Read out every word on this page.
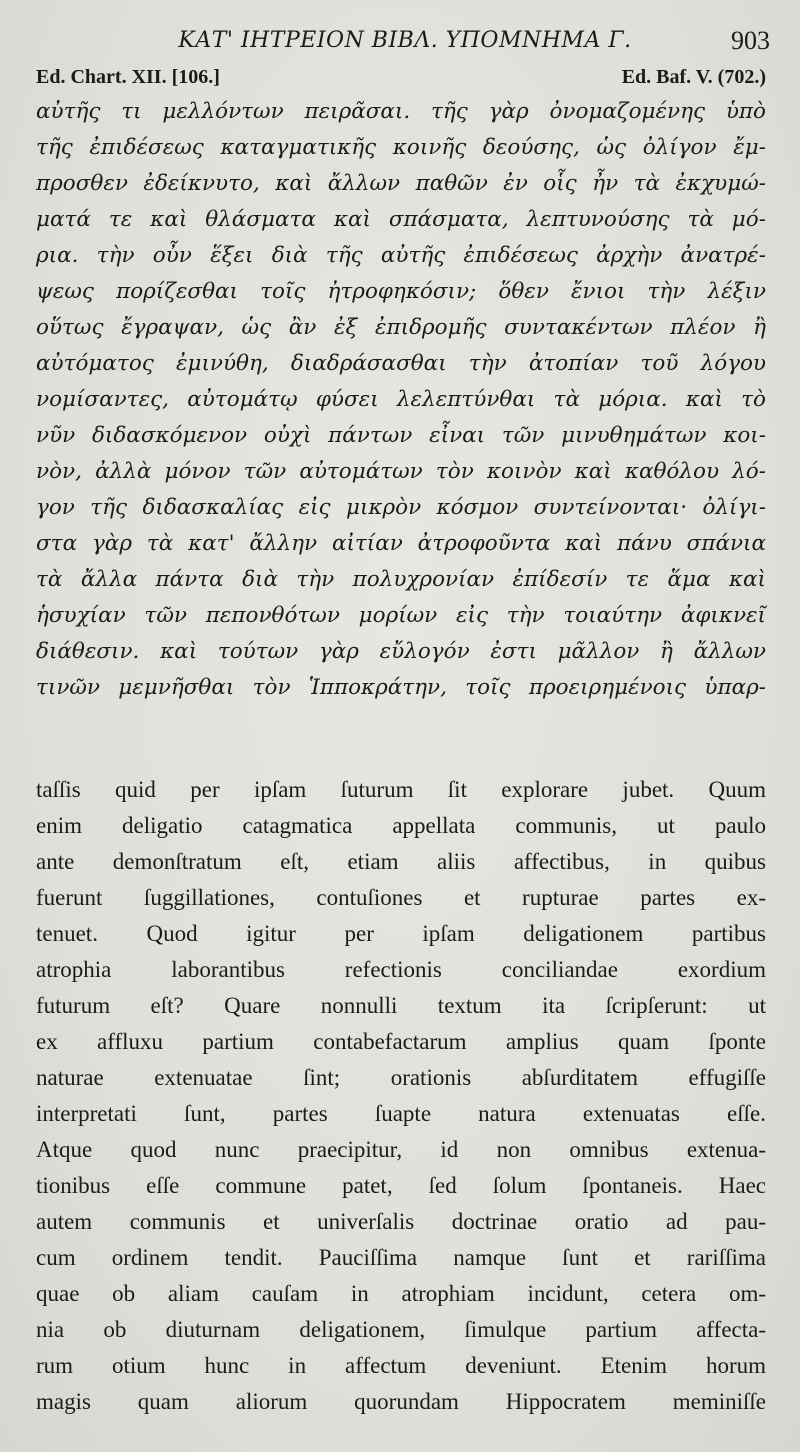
ΚΑΤ' ΙΗΤΡΕΙΟΝ ΒΙΒΛ. ΥΠΟΜΝΗΜΑ Γ.	903
Ed. Chart. XII. [106.]	Ed. Baf. V. (702.)
αὐτῆς τι μελλόντων πειρᾶσαι. τῆς γὰρ ὀνομαζομένης ὑπὸ
τῆς ἐπιδέσεως καταγματικῆς κοινῆς δεούσης, ὡς ὀλίγον ἔμ-
προσθεν ἐδείκνυτο, καὶ ἄλλων παθῶν ἐν οἷς ἦν τὰ ἐκχυμώ-
ματά τε καὶ θλάσματα καὶ σπάσματα, λεπτυνούσης τὰ μό-
ρια. τὴν οὖν ἕξει διὰ τῆς αὐτῆς ἐπιδέσεως ἀρχὴν ἀνατρέ-
ψεως πορίζεσθαι τοῖς ἠτροφηκόσιν; ὅθεν ἔνιοι τὴν λέξιν
οὕτως ἔγραψαν, ὡς ἂν ἐξ ἐπιδρομῆς συντακέντων πλέον ἢ
αὐτόματος ἐμινύθη, διαδράσασθαι τὴν ἀτοπίαν τοῦ λόγου
νομίσαντες, αὐτομάτῳ φύσει λελεπτύνθαι τὰ μόρια. καὶ τὸ
νῦν διδασκόμενον οὐχὶ πάντων εἶναι τῶν μινυθημάτων κοι-
νὸν, ἀλλὰ μόνον τῶν αὐτομάτων τὸν κοινὸν καὶ καθόλου λό-
γον τῆς διδασκαλίας εἰς μικρὸν κόσμον συντείνονται· ὀλίγι-
στα γὰρ τὰ κατ' ἄλλην αἰτίαν ἀτροφοῦντα καὶ πάνυ σπάνια
τὰ ἄλλα πάντα διὰ τὴν πολυχρονίαν ἐπίδεσίν τε ἅμα καὶ
ἡσυχίαν τῶν πεπονθότων μορίων εἰς τὴν τοιαύτην ἀφικνεῖ
διάθεσιν. καὶ τούτων γὰρ εὔλογόν ἐστι μᾶλλον ἢ ἄλλων
τινῶν μεμνῆσθαι τὸν Ἱπποκράτην, τοῖς προειρημένοις ὑπαρ-
taſſis quid per ipſam ſuturum ſit explorare jubet. Quum
enim deligatio catagmatica appellata communis, ut paulo
ante demonſtratum eſt, etiam aliis affectibus, in quibus
fuerunt ſuggillationes, contuſiones et rupturae partes ex-
tenuet. Quod igitur per ipſam deligationem partibus
atrophia laborantibus refectionis conciliandae exordium
futurum eſt? Quare nonnulli textum ita ſcripſerunt: ut
ex affluxu partium contabefactarum amplius quam ſponte
naturae extenuatae ſint; orationis abſurditatem effugiſſe
interpretati ſunt, partes ſuapte natura extenuatas eſſe.
Atque quod nunc praecipitur, id non omnibus extenua-
tionibus eſſe commune patet, ſed ſolum ſpontaneis. Haec
autem communis et univerſalis doctrinae oratio ad pau-
cum ordinem tendit. Pauciſſima namque ſunt et rariſſima
quae ob aliam cauſam in atrophiam incidunt, cetera om-
nia ob diuturnam deligationem, ſimulque partium affecta-
rum otium hunc in affectum deveniunt. Etenim horum
magis quam aliorum quorundam Hippocratem meminiſſe
